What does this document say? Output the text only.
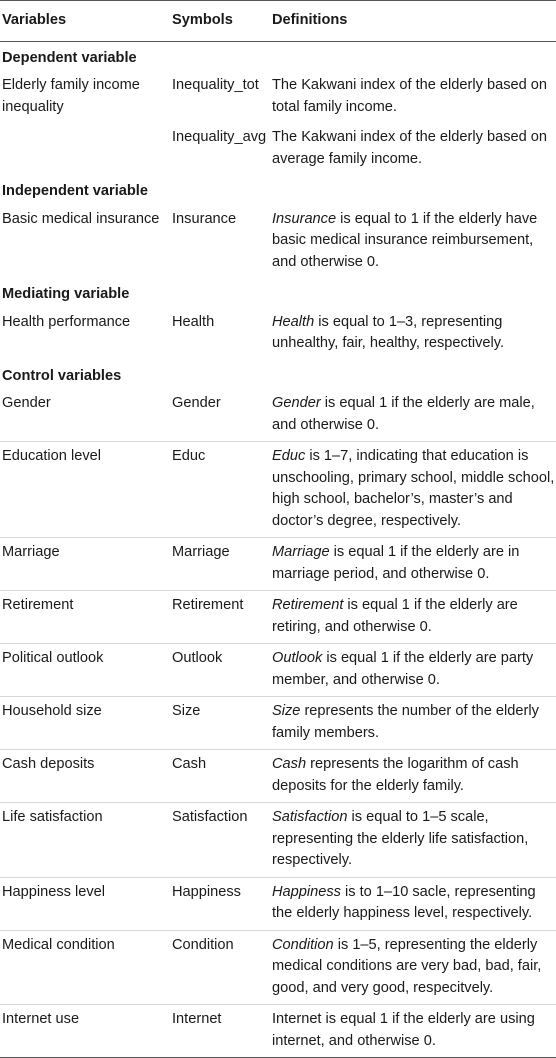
Variables	Symbols	Definitions
Dependent variable		
Elderly family income inequality	Inequality_tot	The Kakwani index of the elderly based on total family income.
	Inequality_avg	The Kakwani index of the elderly based on average family income.
Independent variable		
Basic medical insurance	Insurance	Insurance is equal to 1 if the elderly have basic medical insurance reimbursement, and otherwise 0.
Mediating variable		
Health performance	Health	Health is equal to 1–3, representing unhealthy, fair, healthy, respectively.
Control variables		
Gender	Gender	Gender is equal 1 if the elderly are male, and otherwise 0.
Education level	Educ	Educ is 1–7, indicating that education is unschooling, primary school, middle school, high school, bachelor’s, master’s and doctor’s degree, respectively.
Marriage	Marriage	Marriage is equal 1 if the elderly are in marriage period, and otherwise 0.
Retirement	Retirement	Retirement is equal 1 if the elderly are retiring, and otherwise 0.
Political outlook	Outlook	Outlook is equal 1 if the elderly are party member, and otherwise 0.
Household size	Size	Size represents the number of the elderly family members.
Cash deposits	Cash	Cash represents the logarithm of cash deposits for the elderly family.
Life satisfaction	Satisfaction	Satisfaction is equal to 1–5 scale, representing the elderly life satisfaction, respectively.
Happiness level	Happiness	Happiness is to 1–10 sacle, representing the elderly happiness level, respectively.
Medical condition	Condition	Condition is 1–5, representing the elderly medical conditions are very bad, bad, fair, good, and very good, respecitvely.
Internet use	Internet	Internet is equal 1 if the elderly are using internet, and otherwise 0.
